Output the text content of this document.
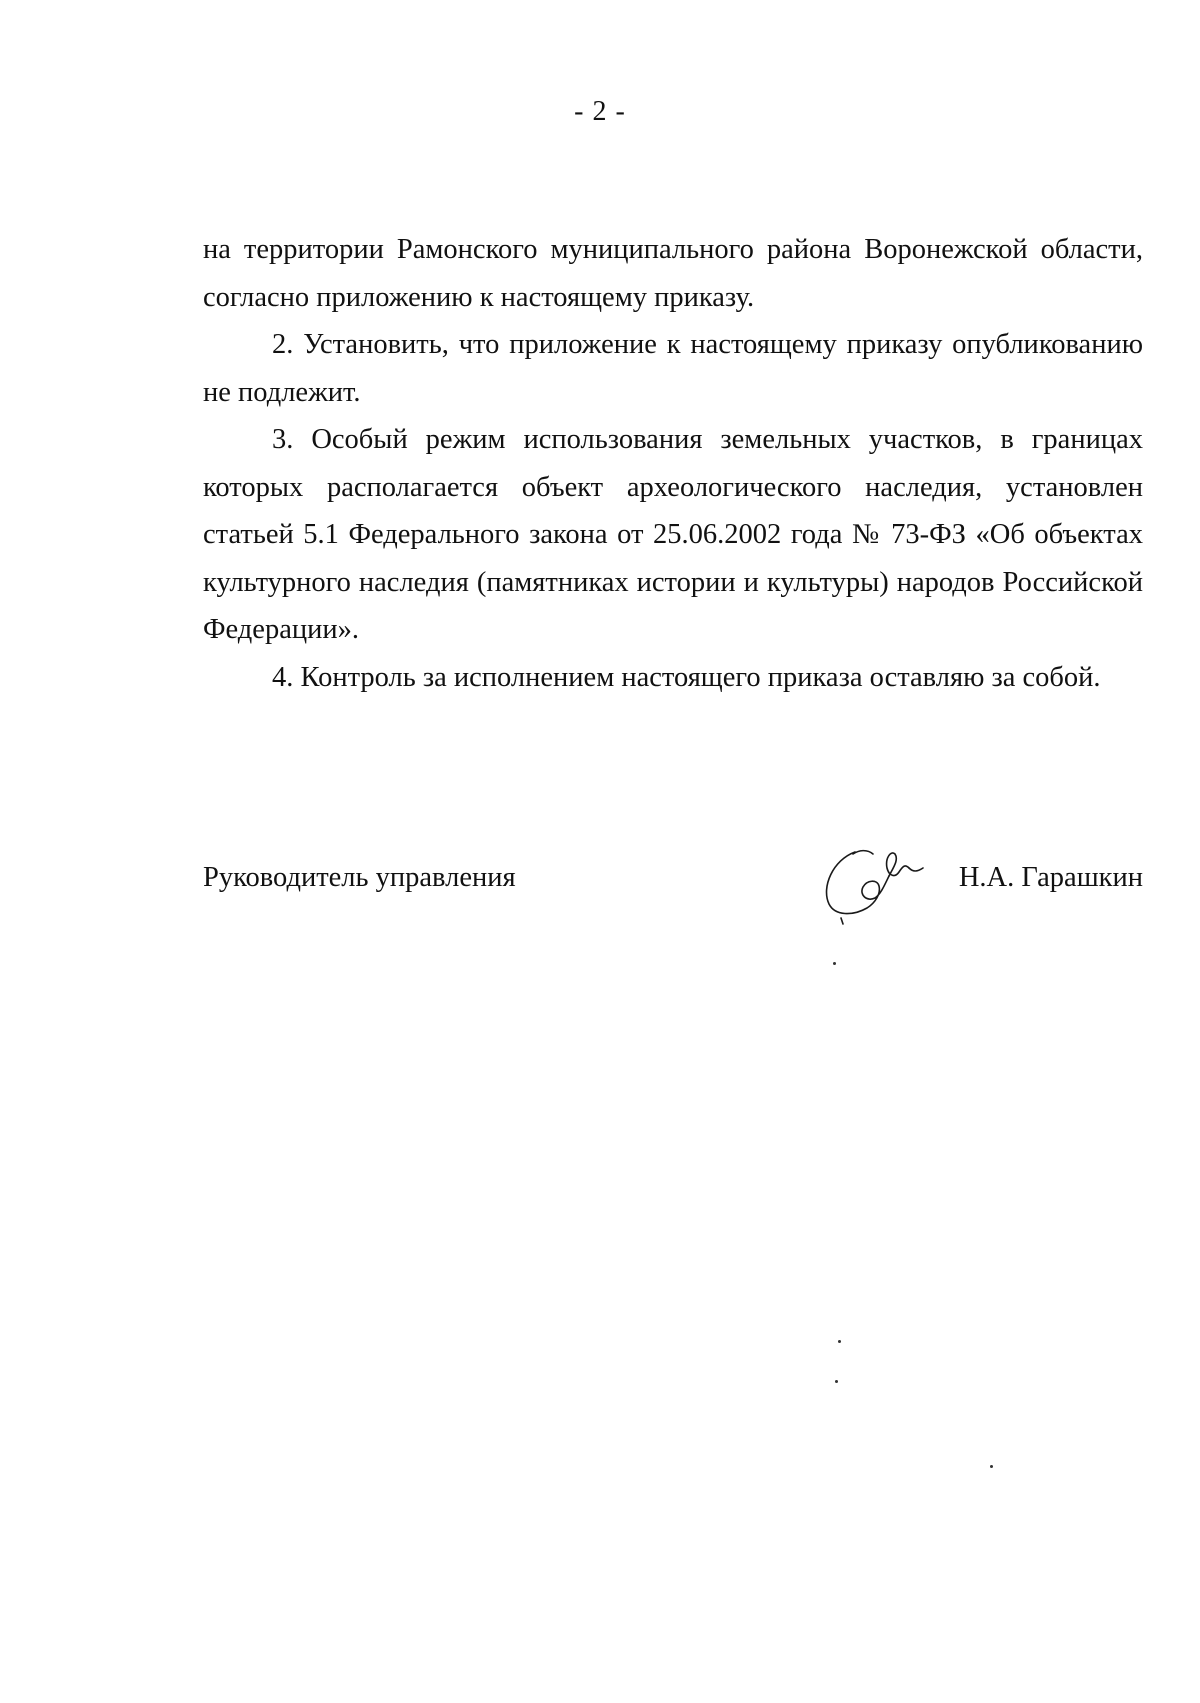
- 2 -

на территории Рамонского муниципального района Воронежской области, согласно приложению к настоящему приказу.

2. Установить, что приложение к настоящему приказу опубликованию не подлежит.

3. Особый режим использования земельных участков, в границах которых располагается объект археологического наследия, установлен статьей 5.1 Федерального закона от 25.06.2002 года № 73-ФЗ «Об объектах культурного наследия (памятниках истории и культуры) народов Российской Федерации».

4. Контроль за исполнением настоящего приказа оставляю за собой.

Руководитель управления	Н.А. Гарашкин
